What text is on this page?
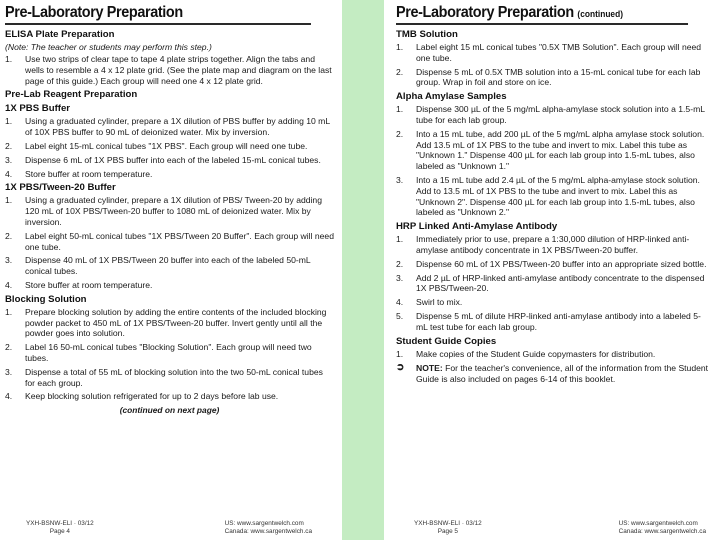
Pre-Laboratory Preparation
ELISA Plate Preparation
(Note: The teacher or students may perform this step.)
1.	Use two strips of clear tape to tape 4 plate strips together. Align the tabs and wells to resemble a 4 x 12 plate grid. (See the plate map and diagram on the last page of this guide.) Each group will need one 4 x 12 plate grid.
Pre-Lab Reagent Preparation
1X PBS Buffer
1.	Using a graduated cylinder, prepare a 1X dilution of PBS buffer by adding 10 mL of 10X PBS buffer to 90 mL of deionized water. Mix by inversion.
2.	Label eight 15-mL conical tubes "1X PBS". Each group will need one tube.
3.	Dispense 6 mL of 1X PBS buffer into each of the labeled 15-mL conical tubes.
4.	Store buffer at room temperature.
1X PBS/Tween-20 Buffer
1.	Using a graduated cylinder, prepare a 1X dilution of PBS/ Tween-20 by adding 120 mL of 10X PBS/Tween-20 buffer to 1080 mL of deionized water. Mix by inversion.
2.	Label eight 50-mL conical tubes "1X PBS/Tween 20 Buffer". Each group will need one tube.
3.	Dispense 40 mL of 1X PBS/Tween 20 buffer into each of the labeled 50-mL conical tubes.
4.	Store buffer at room temperature.
Blocking Solution
1.	Prepare blocking solution by adding the entire contents of the included blocking powder packet to 450 mL of 1X PBS/Tween-20 buffer. Invert gently until all the powder goes into solution.
2.	Label 16 50-mL conical tubes "Blocking Solution". Each group will need two tubes.
3.	Dispense a total of 55 mL of blocking solution into the two 50-mL conical tubes for each group.
4.	Keep blocking solution refrigerated for up to 2 days before lab use.
(continued on next page)
YXH-BSNW-ELI · 03/12
Page 4
US: www.sargentwelch.com
Canada: www.sargentwelch.ca
Pre-Laboratory Preparation (continued)
TMB Solution
1.	Label eight 15 mL conical tubes "0.5X TMB Solution". Each group will need one tube.
2.	Dispense 5 mL of 0.5X TMB solution into a 15-mL conical tube for each lab group. Wrap in foil and store on ice.
Alpha Amylase Samples
1.	Dispense 300 µL of the 5 mg/mL alpha-amylase stock solution into a 1.5-mL tube for each lab group.
2.	Into a 15 mL tube, add 200 µL of the 5 mg/mL alpha amylase stock solution. Add 13.5 mL of 1X PBS to the tube and invert to mix. Label this tube as "Unknown 1." Dispense 400 µL for each lab group into 1.5-mL tubes, also labeled as "Unknown 1."
3.	Into a 15 mL tube add 2.4 µL of the 5 mg/mL alpha-amylase stock solution. Add to 13.5 mL of 1X PBS to the tube and invert to mix. Label this as "Unknown 2". Dispense 400 µL for each lab group into 1.5-mL tubes, also labeled as "Unknown 2."
HRP Linked Anti-Amylase Antibody
1.	Immediately prior to use, prepare a 1:30,000 dilution of HRP-linked anti-amylase antibody concentrate in 1X PBS/Tween-20 buffer.
2.	Dispense 60 mL of 1X PBS/Tween-20 buffer into an appropriate sized bottle.
3.	Add 2 µL of HRP-linked anti-amylase antibody concentrate to the dispensed 1X PBS/Tween-20.
4.	Swirl to mix.
5.	Dispense 5 mL of dilute HRP-linked anti-amylase antibody into a labeled 5-mL test tube for each lab group.
Student Guide Copies
1.	Make copies of the Student Guide copymasters for distribution.
➲	NOTE: For the teacher's convenience, all of the information from the Student Guide is also included on pages 6-14 of this booklet.
YXH-BSNW-ELI · 03/12
Page 5
US: www.sargentwelch.com
Canada: www.sargentwelch.ca
